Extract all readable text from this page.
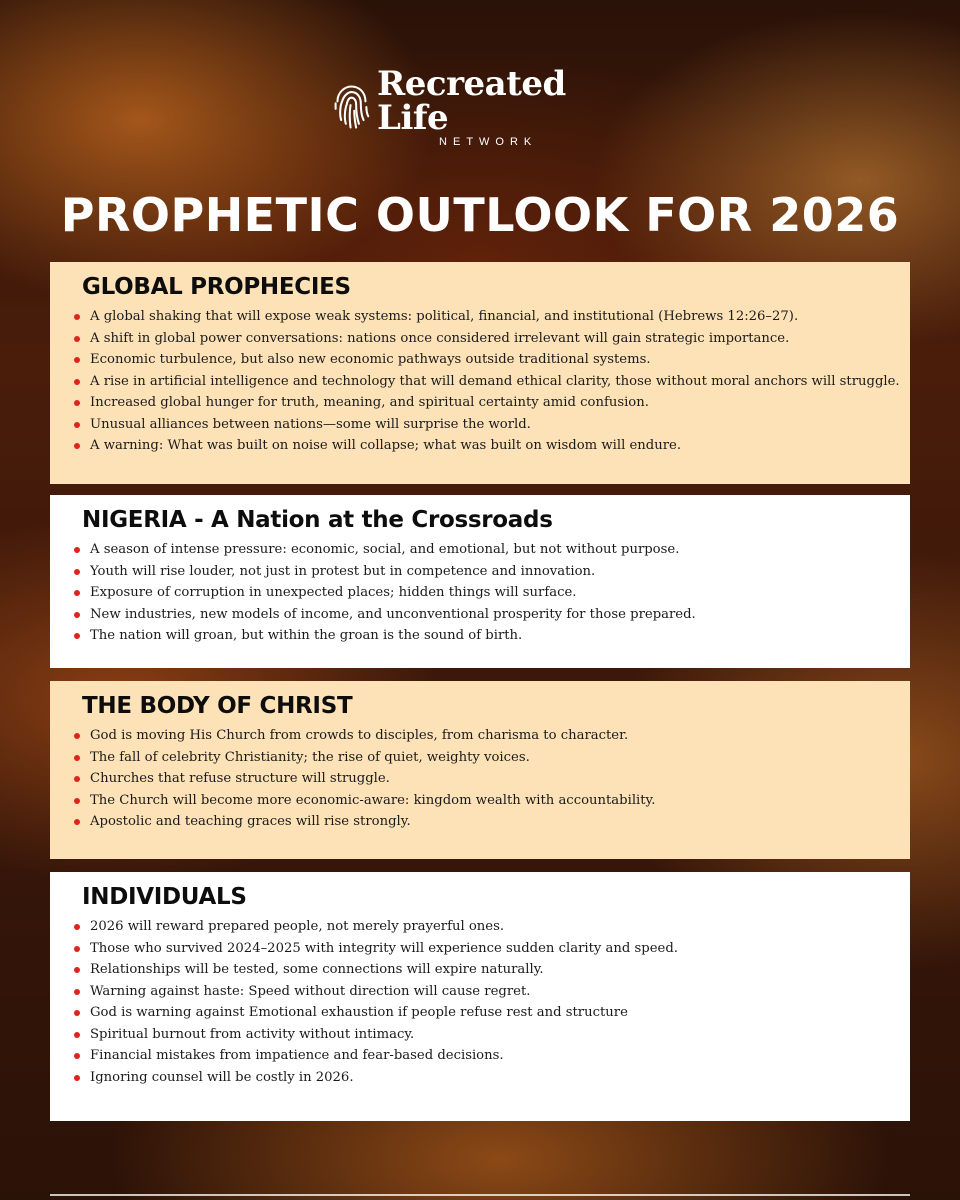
Recreated Life
NETWORK
PROPHETIC OUTLOOK FOR 2026
GLOBAL PROPHECIES
A global shaking that will expose weak systems: political, financial, and institutional (Hebrews 12:26–27).
A shift in global power conversations: nations once considered irrelevant will gain strategic importance.
Economic turbulence, but also new economic pathways outside traditional systems.
A rise in artificial intelligence and technology that will demand ethical clarity, those without moral anchors will struggle.
Increased global hunger for truth, meaning, and spiritual certainty amid confusion.
Unusual alliances between nations—some will surprise the world.
A warning: What was built on noise will collapse; what was built on wisdom will endure.
NIGERIA - A Nation at the Crossroads
A season of intense pressure: economic, social, and emotional, but not without purpose.
Youth will rise louder, not just in protest but in competence and innovation.
Exposure of corruption in unexpected places; hidden things will surface.
New industries, new models of income, and unconventional prosperity for those prepared.
The nation will groan, but within the groan is the sound of birth.
THE BODY OF CHRIST
God is moving His Church from crowds to disciples, from charisma to character.
The fall of celebrity Christianity; the rise of quiet, weighty voices.
Churches that refuse structure will struggle.
The Church will become more economic-aware: kingdom wealth with accountability.
Apostolic and teaching graces will rise strongly.
INDIVIDUALS
2026 will reward prepared people, not merely prayerful ones.
Those who survived 2024–2025 with integrity will experience sudden clarity and speed.
Relationships will be tested, some connections will expire naturally.
Warning against haste: Speed without direction will cause regret.
God is warning against Emotional exhaustion if people refuse rest and structure
Spiritual burnout from activity without intimacy.
Financial mistakes from impatience and fear-based decisions.
Ignoring counsel will be costly in 2026.
